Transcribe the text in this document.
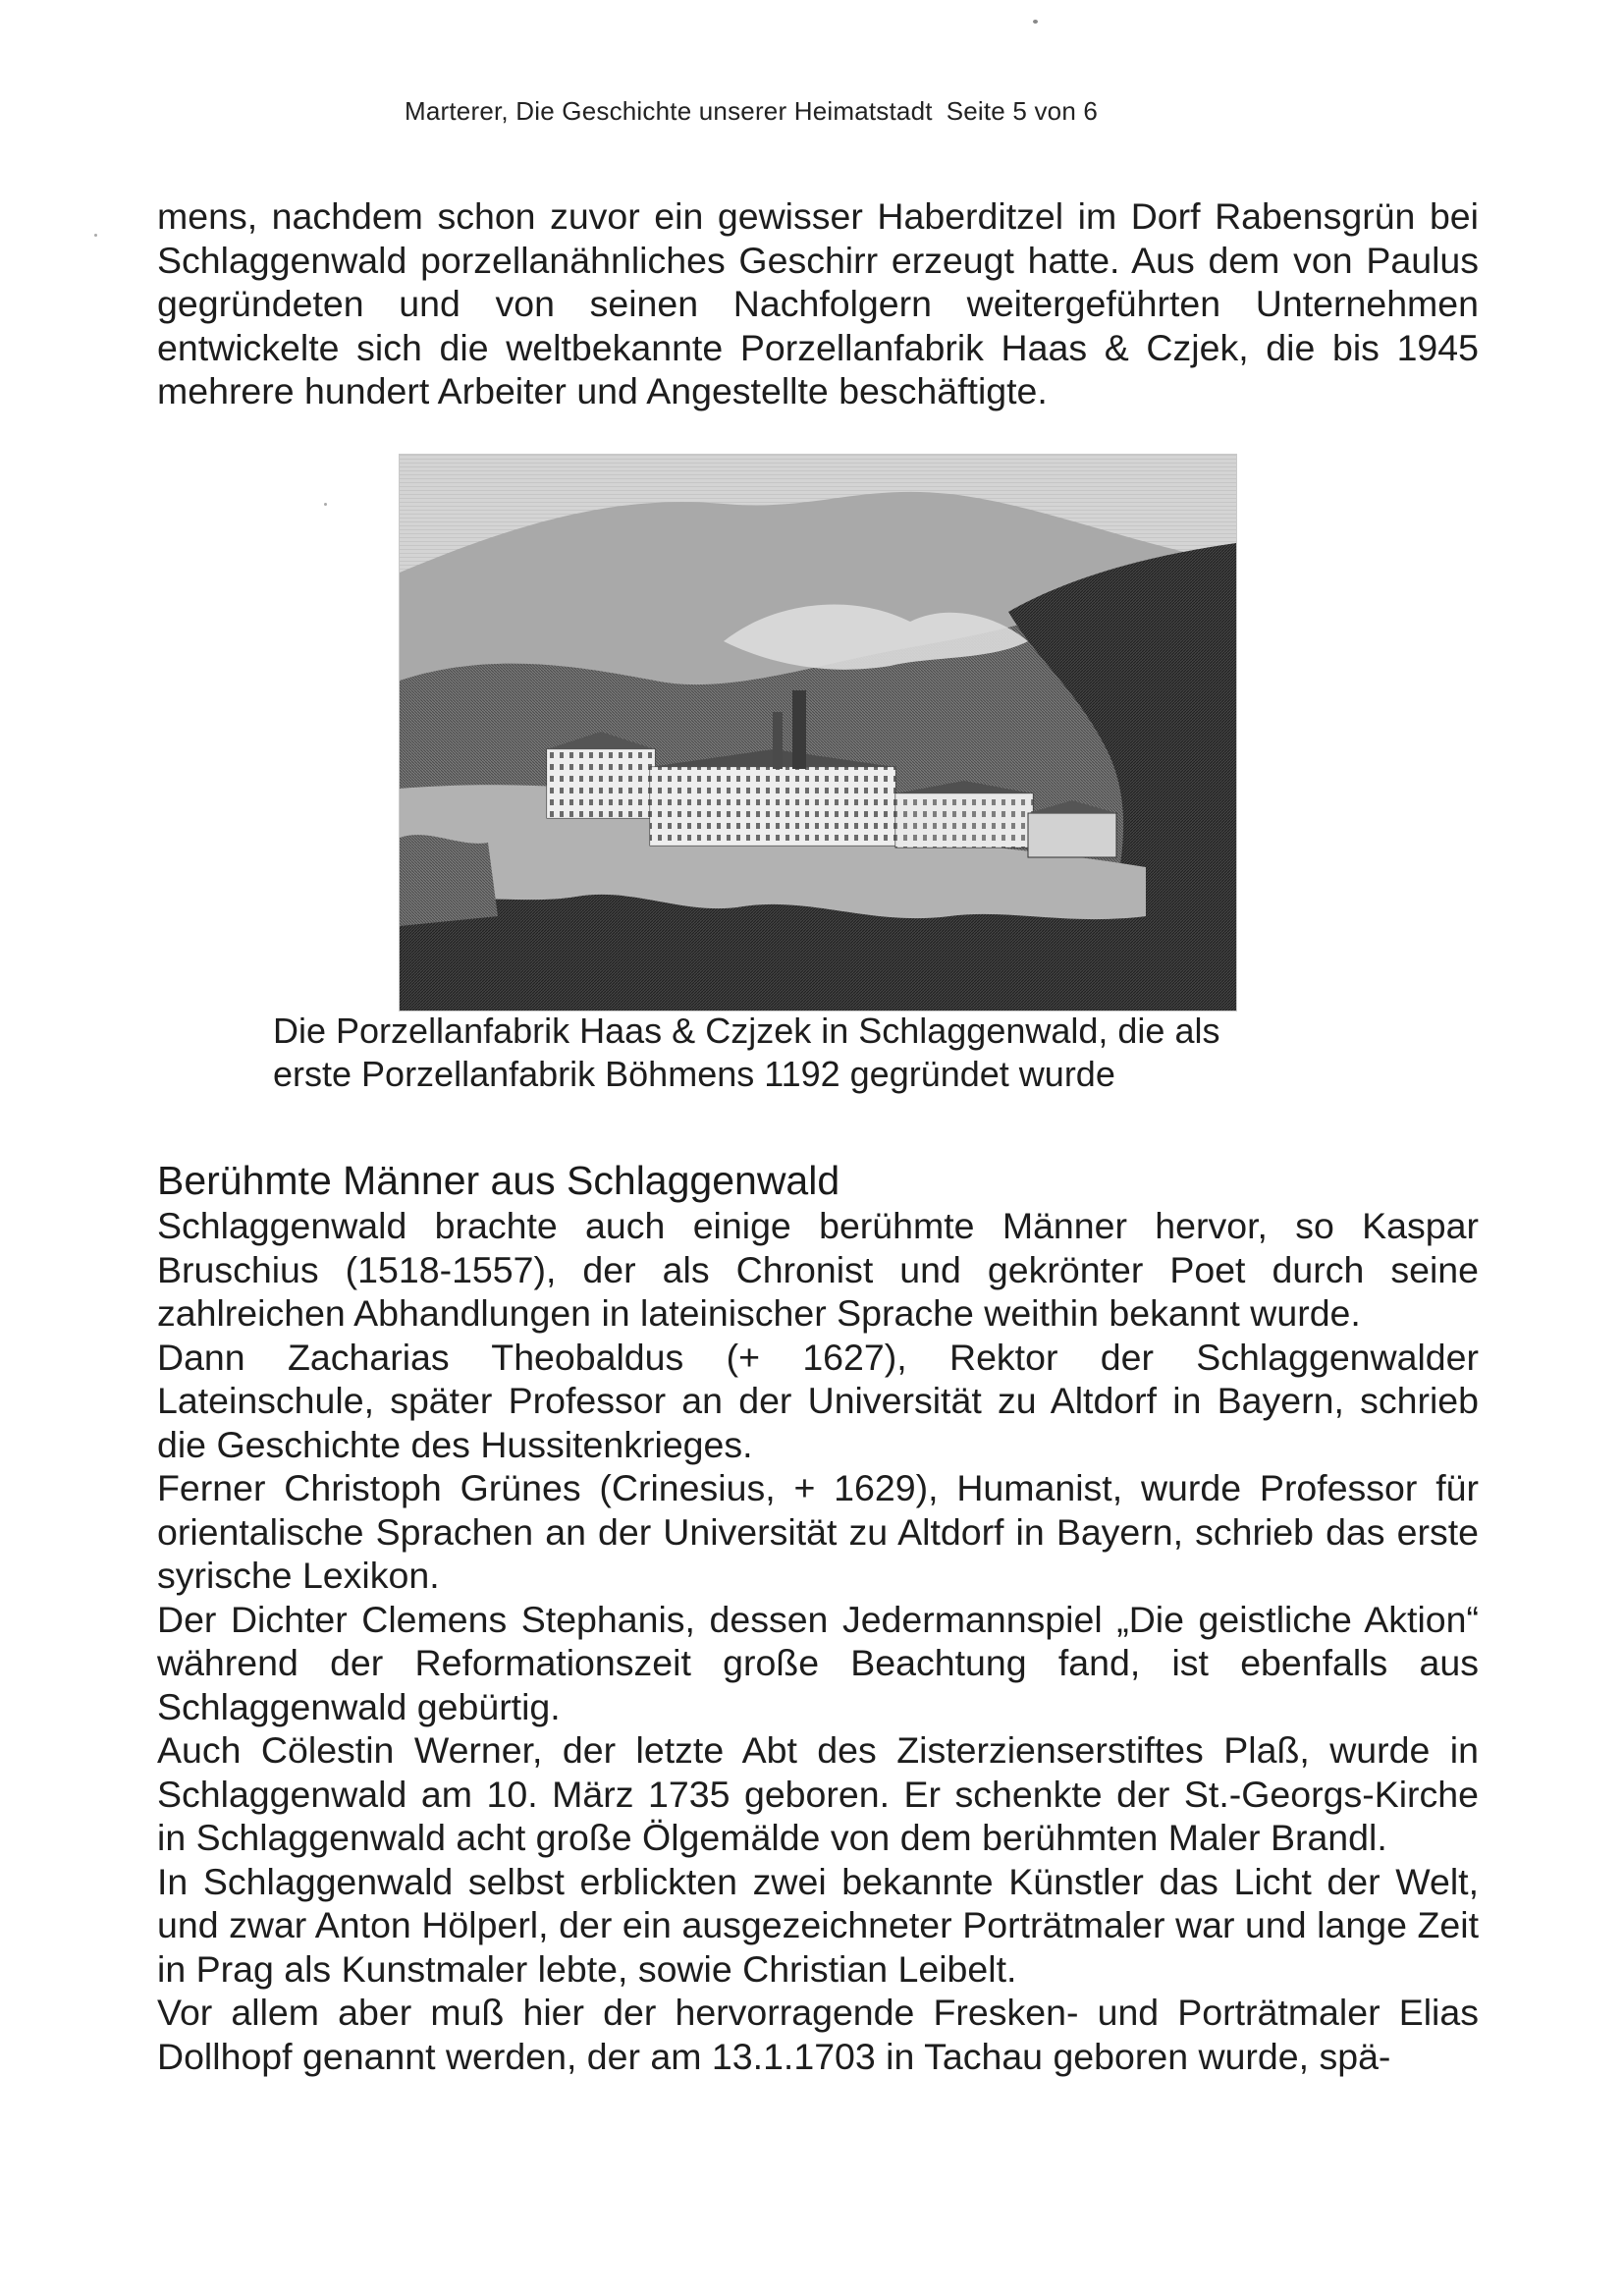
Marterer, Die Geschichte unserer Heimatstadt Seite 5 von 6

mens, nachdem schon zuvor ein gewisser Haberditzel im Dorf Rabensgrün bei Schlaggenwald porzellanähnliches Geschirr erzeugt hatte. Aus dem von Paulus gegründeten und von seinen Nachfolgern weitergeführten Unternehmen entwickelte sich die weltbekannte Porzellanfabrik Haas & Czjek, die bis 1945 mehrere hundert Arbeiter und Angestellte beschäftigte.

Die Porzellanfabrik Haas & Czjzek in Schlaggenwald, die als

erste Porzellanfabrik Böhmens 1192 gegründet wurde

Berühmte Männer aus Schlaggenwald

Schlaggenwald brachte auch einige berühmte Männer hervor, so Kaspar Bruschius (1518-1557), der als Chronist und gekrönter Poet durch seine zahlreichen Abhandlungen in lateinischer Sprache weithin bekannt wurde.

Dann Zacharias Theobaldus (+ 1627), Rektor der Schlaggenwalder Lateinschule, später Professor an der Universität zu Altdorf in Bayern, schrieb die Geschichte des Hussitenkrieges.

Ferner Christoph Grünes (Crinesius, + 1629), Humanist, wurde Professor für orientalische Sprachen an der Universität zu Altdorf in Bayern, schrieb das erste syrische Lexikon.

Der Dichter Clemens Stephanis, dessen Jedermannspiel „Die geistliche Aktion“ während der Reformationszeit große Beachtung fand, ist ebenfalls aus Schlaggenwald gebürtig.

Auch Cölestin Werner, der letzte Abt des Zisterzienserstiftes Plaß, wurde in Schlaggenwald am 10. März 1735 geboren. Er schenkte der St.-Georgs-Kirche in Schlaggenwald acht große Ölgemälde von dem berühmten Maler Brandl.

In Schlaggenwald selbst erblickten zwei bekannte Künstler das Licht der Welt, und zwar Anton Hölperl, der ein ausgezeichneter Porträtmaler war und lange Zeit in Prag als Kunstmaler lebte, sowie Christian Leibelt.

Vor allem aber muß hier der hervorragende Fresken- und Porträtmaler Elias Dollhopf genannt werden, der am 13.1.1703 in Tachau geboren wurde, spä-
